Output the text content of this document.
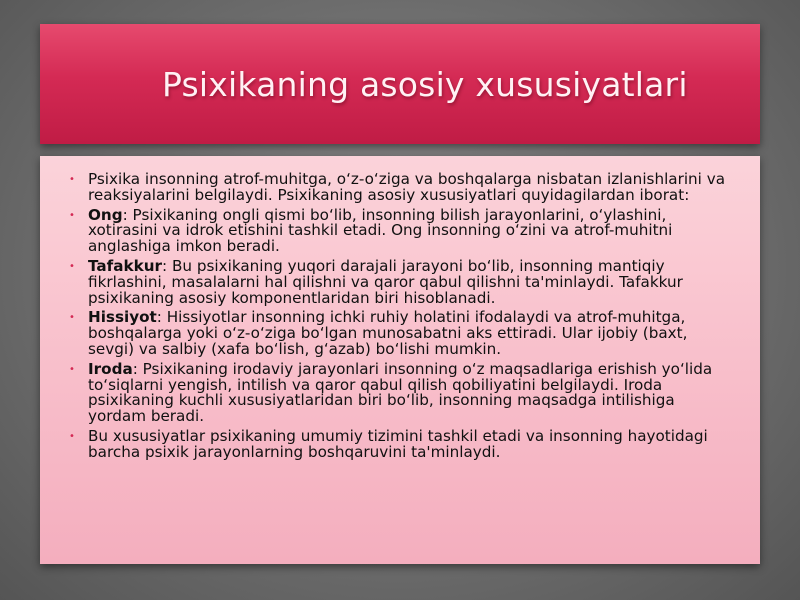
Psixikaning asosiy xususiyatlari
• Psixika insonning atrof-muhitga, o‘z-o‘ziga va boshqalarga nisbatan izlanishlarini va reaksiyalarini belgilaydi. Psixikaning asosiy xususiyatlari quyidagilardan iborat:
• Ong: Psixikaning ongli qismi bo‘lib, insonning bilish jarayonlarini, o‘ylashini, xotirasini va idrok etishini tashkil etadi. Ong insonning o‘zini va atrof-muhitni anglashiga imkon beradi.
• Tafakkur: Bu psixikaning yuqori darajali jarayoni bo‘lib, insonning mantiqiy fikrlashini, masalalarni hal qilishni va qaror qabul qilishni ta'minlaydi. Tafakkur psixikaning asosiy komponentlaridan biri hisoblanadi.
• Hissiyot: Hissiyotlar insonning ichki ruhiy holatini ifodalaydi va atrof-muhitga, boshqalarga yoki o‘z-o‘ziga bo‘lgan munosabatni aks ettiradi. Ular ijobiy (baxt, sevgi) va salbiy (xafa bo‘lish, g‘azab) bo‘lishi mumkin.
• Iroda: Psixikaning irodaviy jarayonlari insonning o‘z maqsadlariga erishish yo‘lida to‘siqlarni yengish, intilish va qaror qabul qilish qobiliyatini belgilaydi. Iroda psixikaning kuchli xususiyatlaridan biri bo‘lib, insonning maqsadga intilishiga yordam beradi.
• Bu xususiyatlar psixikaning umumiy tizimini tashkil etadi va insonning hayotidagi barcha psixik jarayonlarning boshqaruvini ta'minlaydi.
